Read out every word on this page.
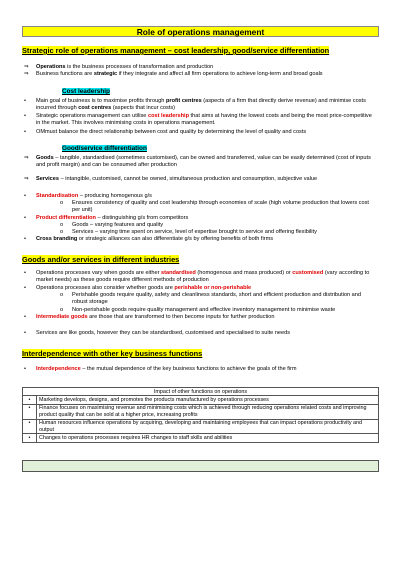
Role of operations management
Strategic role of operations management – cost leadership, good/service differentiation
⇒ Operations is the business processes of transformation and production
⇒ Business functions are strategic if they integrate and affect all firm operations to achieve long-term and broad goals
Cost leadership
• Main goal of business is to maximise profits through profit centres (aspects of a firm that directly derive revenue) and minimise costs incurred through cost centres (aspects that incur costs)
• Strategic operations management can utilise cost leadership that aims at having the lowest costs and being the most price-competitive in the market. This involves minimising costs in operations management.
• OMmust balance the direct relationship between cost and quality by determining the level of quality and costs
Good/service differentiation
⇒ Goods – tangible, standardised (sometimes customised), can be owned and transferred, value can be easily determined (cost of inputs and profit margin) and can be consumed after production
⇒ Services – intangible, customised, cannot be owned, simultaneous production and consumption, subjective value
• Standardisation – producing homogenous g/s
o Ensures consistency of quality and cost leadership through economies of scale (high volume production that lowers cost per unit)
• Product differentiation – distinguishing g/s from competitors
o Goods – varying features and quality
o Services – varying time spent on service, level of expertise brought to service and offering flexibility
• Cross branding or strategic alliances can also differentiate g/s by offering benefits of both firms
Goods and/or services in different industries
• Operations processes vary when goods are either standardised (homogenous and mass produced) or customised (vary according to market needs) as these goods require different methods of production
• Operations processes also consider whether goods are perishable or non-perishable
o Perishable goods require quality, safety and cleanliness standards, short and efficient production and distribution and robust storage
o Non-perishable goods require quality management and effective inventory management to minimise waste
• Intermediate goods are those that are transformed to then become inputs for further production
• Services are like goods, however they can be standardised, customised and specialised to suite needs
Interdependence with other key business functions
• Interdependence – the mutual dependence of the key business functions to achieve the goals of the firm
Impact of other functions on operations	
•	Marketing develops, designs, and promotes the products manufactured by operations processes
•	Finance focuses on maximising revenue and minimising costs which is achieved through reducing operations related costs and improving product quality that can be sold at a higher price, increasing profits
•	Human resources influence operations by acquiring, developing and maintaining employees that can impact operations productivity and output
•	Changes to operations processes requires HR changes to staff skills and abilities
